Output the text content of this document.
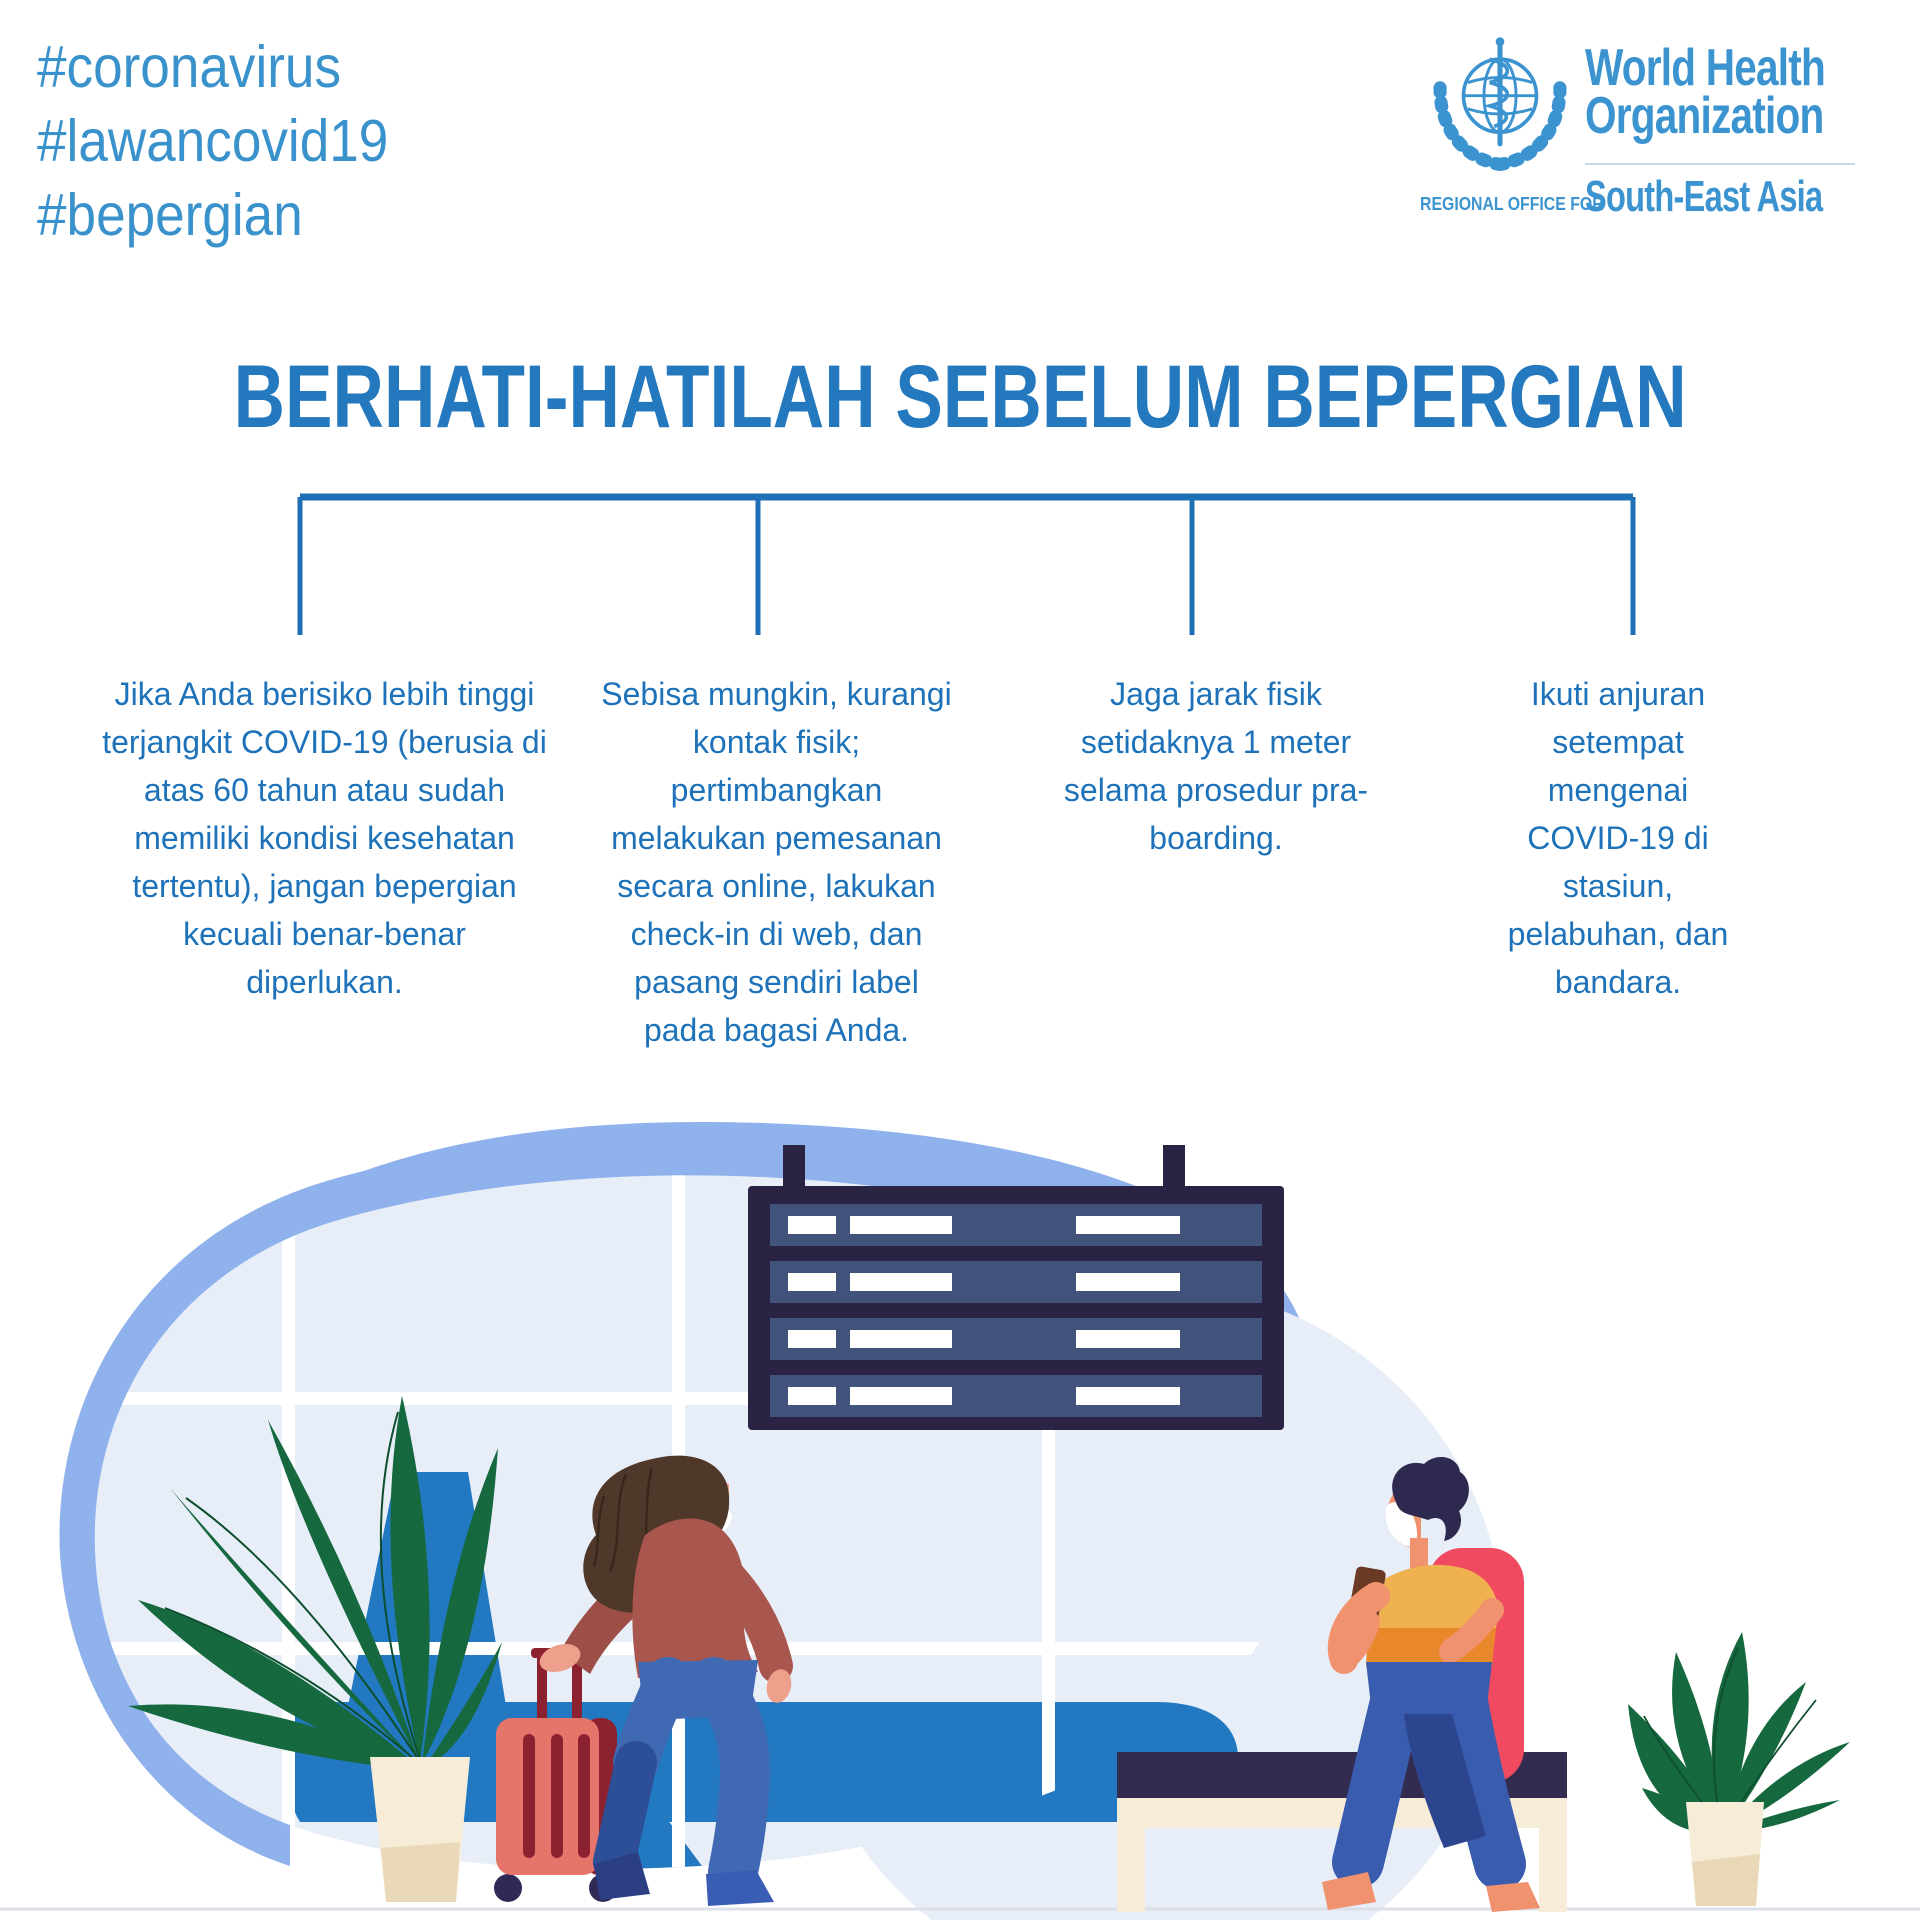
#coronavirus
#lawancovid19
#bepergian
World Health
Organization
REGIONAL OFFICE FOR
South-East Asia
BERHATI-HATILAH SEBELUM BEPERGIAN
Jika Anda berisiko lebih tinggi terjangkit COVID-19 (berusia di atas 60 tahun atau sudah memiliki kondisi kesehatan tertentu), jangan bepergian kecuali benar-benar diperlukan.
Sebisa mungkin, kurangi kontak fisik; pertimbangkan melakukan pemesanan secara online, lakukan check-in di web, dan pasang sendiri label pada bagasi Anda.
Jaga jarak fisik setidaknya 1 meter selama prosedur pra-boarding.
Ikuti anjuran setempat mengenai COVID-19 di stasiun, pelabuhan, dan bandara.
